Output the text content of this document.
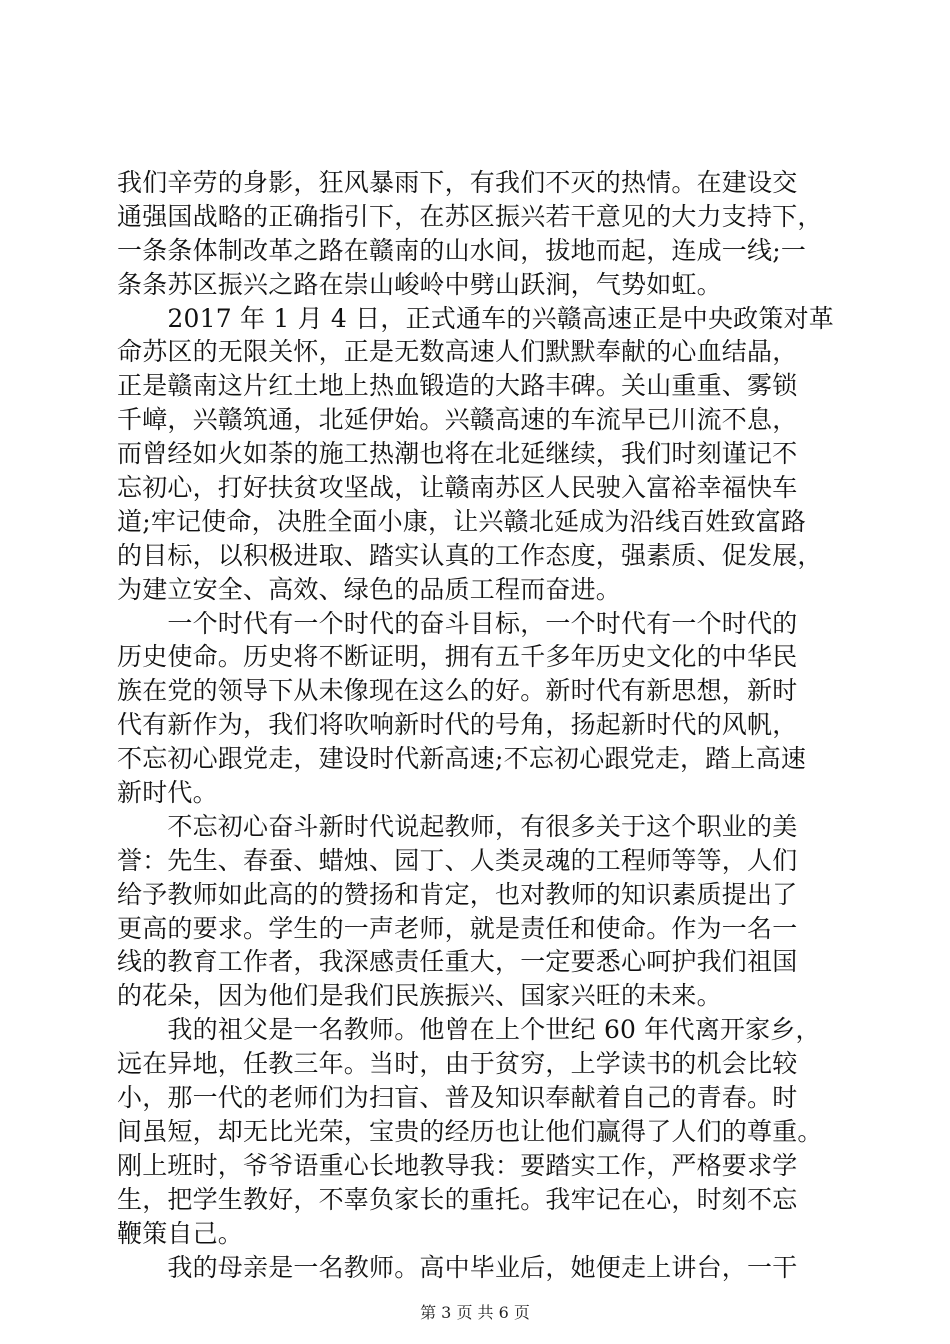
我们辛劳的身影，狂风暴雨下，有我们不灭的热情。在建设交
通强国战略的正确指引下，在苏区振兴若干意见的大力支持下，
一条条体制改革之路在赣南的山水间，拔地而起，连成一线;一
条条苏区振兴之路在崇山峻岭中劈山跃涧，气势如虹。
　　2017 年 1 月 4 日，正式通车的兴赣高速正是中央政策对革
命苏区的无限关怀，正是无数高速人们默默奉献的心血结晶，
正是赣南这片红土地上热血锻造的大路丰碑。关山重重、雾锁
千嶂，兴赣筑通，北延伊始。兴赣高速的车流早已川流不息，
而曾经如火如荼的施工热潮也将在北延继续，我们时刻谨记不
忘初心，打好扶贫攻坚战，让赣南苏区人民驶入富裕幸福快车
道;牢记使命，决胜全面小康，让兴赣北延成为沿线百姓致富路
的目标，以积极进取、踏实认真的工作态度，强素质、促发展，
为建立安全、高效、绿色的品质工程而奋进。
　　一个时代有一个时代的奋斗目标，一个时代有一个时代的
历史使命。历史将不断证明，拥有五千多年历史文化的中华民
族在党的领导下从未像现在这么的好。新时代有新思想，新时
代有新作为，我们将吹响新时代的号角，扬起新时代的风帆，
不忘初心跟党走，建设时代新高速;不忘初心跟党走，踏上高速
新时代。
　　不忘初心奋斗新时代说起教师，有很多关于这个职业的美
誉：先生、春蚕、蜡烛、园丁、人类灵魂的工程师等等，人们
给予教师如此高的的赞扬和肯定，也对教师的知识素质提出了
更高的要求。学生的一声老师，就是责任和使命。作为一名一
线的教育工作者，我深感责任重大，一定要悉心呵护我们祖国
的花朵，因为他们是我们民族振兴、国家兴旺的未来。
　　我的祖父是一名教师。他曾在上个世纪 60 年代离开家乡，
远在异地，任教三年。当时，由于贫穷，上学读书的机会比较
小，那一代的老师们为扫盲、普及知识奉献着自己的青春。时
间虽短，却无比光荣，宝贵的经历也让他们赢得了人们的尊重。
刚上班时，爷爷语重心长地教导我：要踏实工作，严格要求学
生，把学生教好，不辜负家长的重托。我牢记在心，时刻不忘
鞭策自己。
　　我的母亲是一名教师。高中毕业后，她便走上讲台，一干
第 3 页 共 6 页
